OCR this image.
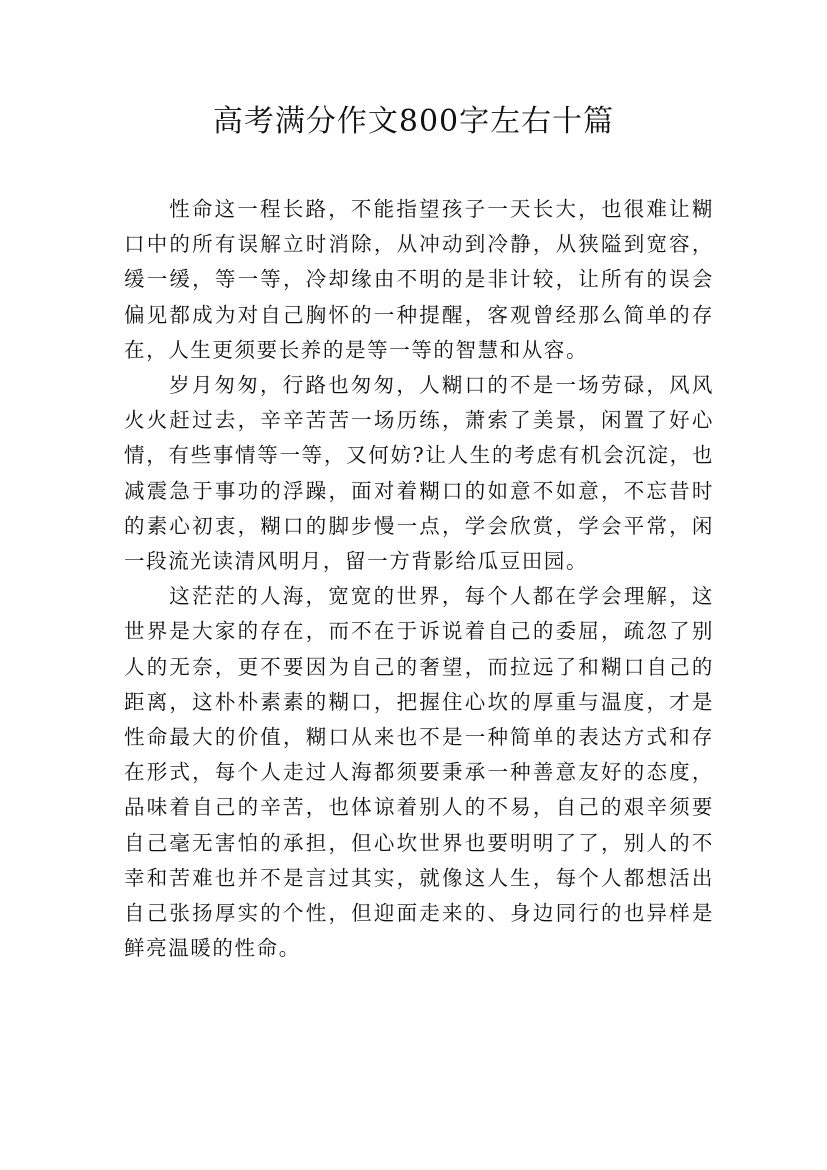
高考满分作文800字左右十篇

性命这一程长路，不能指望孩子一天长大，也很难让糊口中的所有误解立时消除，从冲动到冷静，从狭隘到宽容，缓一缓，等一等，冷却缘由不明的是非计较，让所有的误会偏见都成为对自己胸怀的一种提醒，客观曾经那么简单的存在，人生更须要长养的是等一等的智慧和从容。

岁月匆匆，行路也匆匆，人糊口的不是一场劳碌，风风火火赶过去，辛辛苦苦一场历练，萧索了美景，闲置了好心情，有些事情等一等，又何妨?让人生的考虑有机会沉淀，也减震急于事功的浮躁，面对着糊口的如意不如意，不忘昔时的素心初衷，糊口的脚步慢一点，学会欣赏，学会平常，闲一段流光读清风明月，留一方背影给瓜豆田园。

这茫茫的人海，宽宽的世界，每个人都在学会理解，这世界是大家的存在，而不在于诉说着自己的委屈，疏忽了别人的无奈，更不要因为自己的奢望，而拉远了和糊口自己的距离，这朴朴素素的糊口，把握住心坎的厚重与温度，才是性命最大的价值，糊口从来也不是一种简单的表达方式和存在形式，每个人走过人海都须要秉承一种善意友好的态度，品味着自己的辛苦，也体谅着别人的不易，自己的艰辛须要自己毫无害怕的承担，但心坎世界也要明明了了，别人的不幸和苦难也并不是言过其实，就像这人生，每个人都想活出自己张扬厚实的个性，但迎面走来的、身边同行的也异样是鲜亮温暖的性命。
